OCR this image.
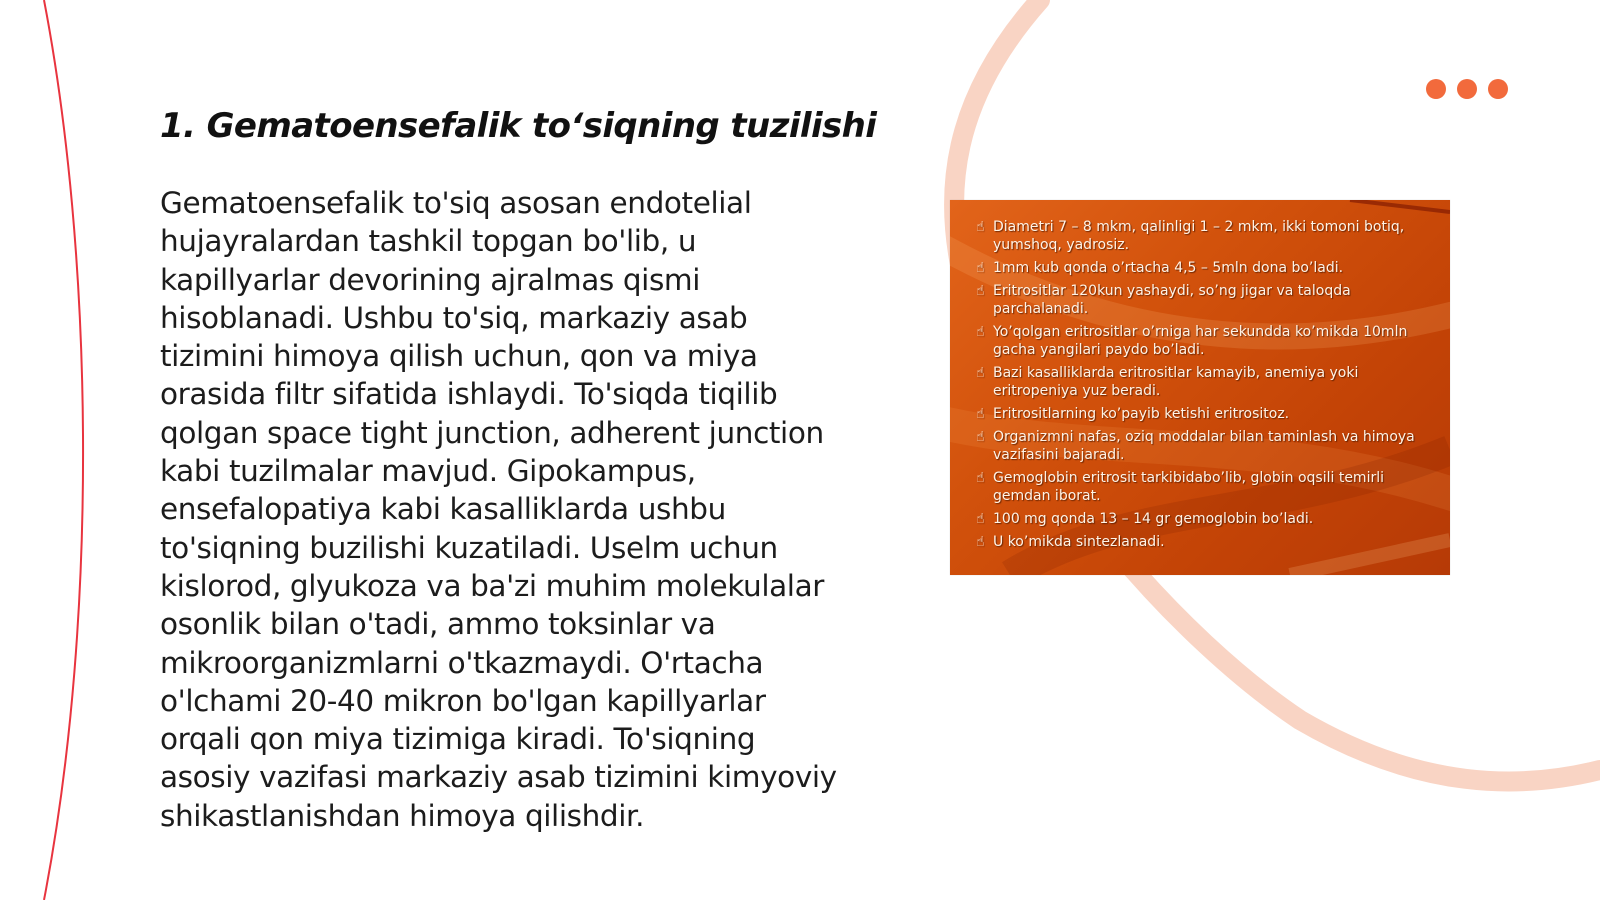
1. Gematoensefalik to‘siqning tuzilishi

Gematoensefalik to'siq asosan endotelial hujayralardan tashkil topgan bo'lib, u kapillyarlar devorining ajralmas qismi hisoblanadi. Ushbu to'siq, markaziy asab tizimini himoya qilish uchun, qon va miya orasida filtr sifatida ishlaydi. To'siqda tiqilib qolgan space tight junction, adherent junction kabi tuzilmalar mavjud. Gipokampus, ensefalopatiya kabi kasalliklarda ushbu to'siqning buzilishi kuzatiladi. Uselm uchun kislorod, glyukoza va ba'zi muhim molekulalar osonlik bilan o'tadi, ammo toksinlar va mikroorganizmlarni o'tkazmaydi. O'rtacha o'lchami 20-40 mikron bo'lgan kapillyarlar orqali qon miya tizimiga kiradi. To'siqning asosiy vazifasi markaziy asab tizimini kimyoviy shikastlanishdan himoya qilishdir.

☝ Diametri 7 – 8 mkm, qalinligi 1 – 2 mkm, ikki tomoni botiq, yumshoq, yadrosiz.
☝ 1mm kub qonda o’rtacha 4,5 – 5mln dona bo’ladi.
☝ Eritrositlar 120kun yashaydi, so’ng jigar va taloqda parchalanadi.
☝ Yo’qolgan eritrositlar o’rniga har sekundda ko’mikda 10mln gacha yangilari paydo bo’ladi.
☝ Bazi kasalliklarda eritrositlar kamayib, anemiya yoki eritropeniya yuz beradi.
☝ Eritrositlarning ko’payib ketishi eritrositoz.
☝ Organizmni nafas, oziq moddalar bilan taminlash va himoya vazifasini bajaradi.
☝ Gemoglobin eritrosit tarkibidabo’lib, globin oqsili temirli gemdan iborat.
☝ 100 mg qonda 13 – 14 gr gemoglobin bo’ladi.
☝ U ko’mikda sintezlanadi.
